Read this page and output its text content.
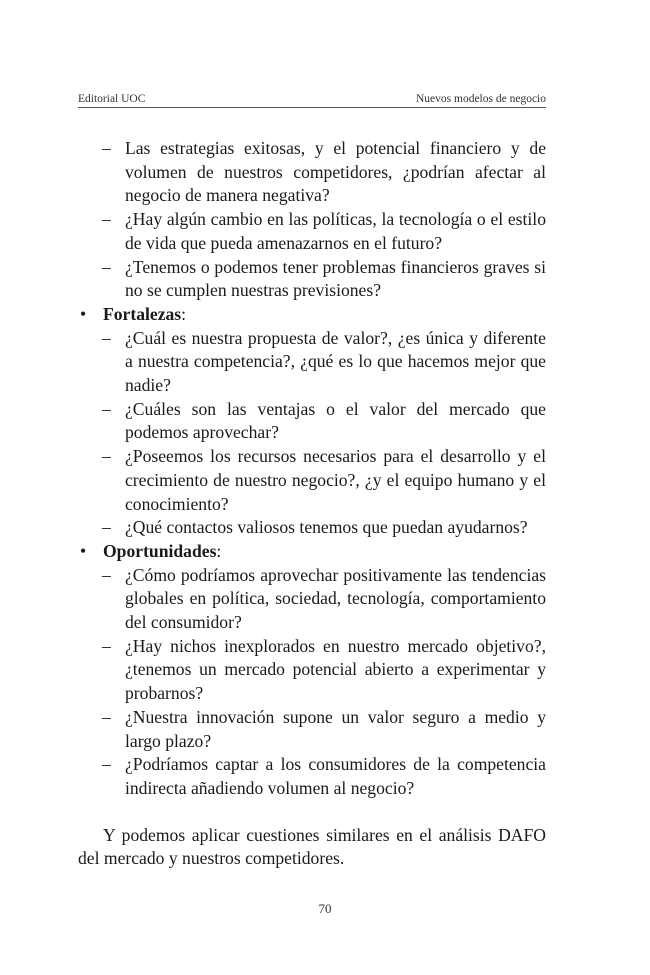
Editorial UOC	Nuevos modelos de negocio
– Las estrategias exitosas, y el potencial financiero y de volumen de nuestros competidores, ¿podrían afectar al negocio de manera negativa?
– ¿Hay algún cambio en las políticas, la tecnología o el estilo de vida que pueda amenazarnos en el futuro?
– ¿Tenemos o podemos tener problemas financieros graves si no se cumplen nuestras previsiones?
• Fortalezas:
– ¿Cuál es nuestra propuesta de valor?, ¿es única y diferente a nuestra competencia?, ¿qué es lo que hacemos mejor que nadie?
– ¿Cuáles son las ventajas o el valor del mercado que podemos aprovechar?
– ¿Poseemos los recursos necesarios para el desarrollo y el crecimiento de nuestro negocio?, ¿y el equipo humano y el conocimiento?
– ¿Qué contactos valiosos tenemos que puedan ayudarnos?
• Oportunidades:
– ¿Cómo podríamos aprovechar positivamente las tendencias globales en política, sociedad, tecnología, comportamiento del consumidor?
– ¿Hay nichos inexplorados en nuestro mercado objetivo?, ¿tenemos un mercado potencial abierto a experimentar y probarnos?
– ¿Nuestra innovación supone un valor seguro a medio y largo plazo?
– ¿Podríamos captar a los consumidores de la competencia indirecta añadiendo volumen al negocio?

Y podemos aplicar cuestiones similares en el análisis DAFO del mercado y nuestros competidores.

70
